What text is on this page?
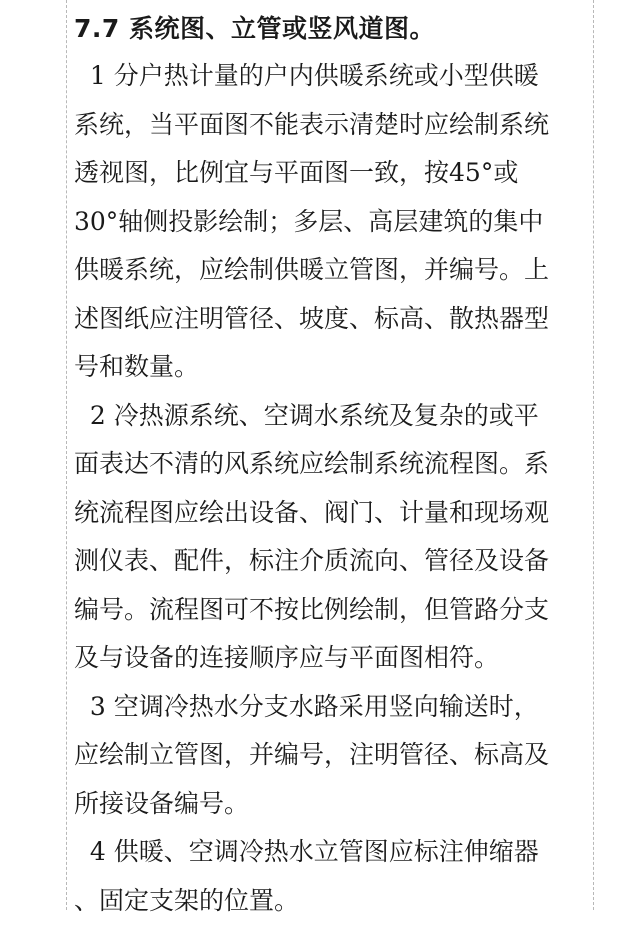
7.7 系统图、立管或竖风道图。

1 分户热计量的户内供暖系统或小型供暖
系统，当平面图不能表示清楚时应绘制系统
透视图，比例宜与平面图一致，按45°或
30°轴侧投影绘制；多层、高层建筑的集中
供暖系统，应绘制供暖立管图，并编号。上
述图纸应注明管径、坡度、标高、散热器型
号和数量。

2 冷热源系统、空调水系统及复杂的或平
面表达不清的风系统应绘制系统流程图。系
统流程图应绘出设备、阀门、计量和现场观
测仪表、配件，标注介质流向、管径及设备
编号。流程图可不按比例绘制，但管路分支
及与设备的连接顺序应与平面图相符。

3 空调冷热水分支水路采用竖向输送时，
应绘制立管图，并编号，注明管径、标高及
所接设备编号。

4 供暖、空调冷热水立管图应标注伸缩器
、固定支架的位置。
